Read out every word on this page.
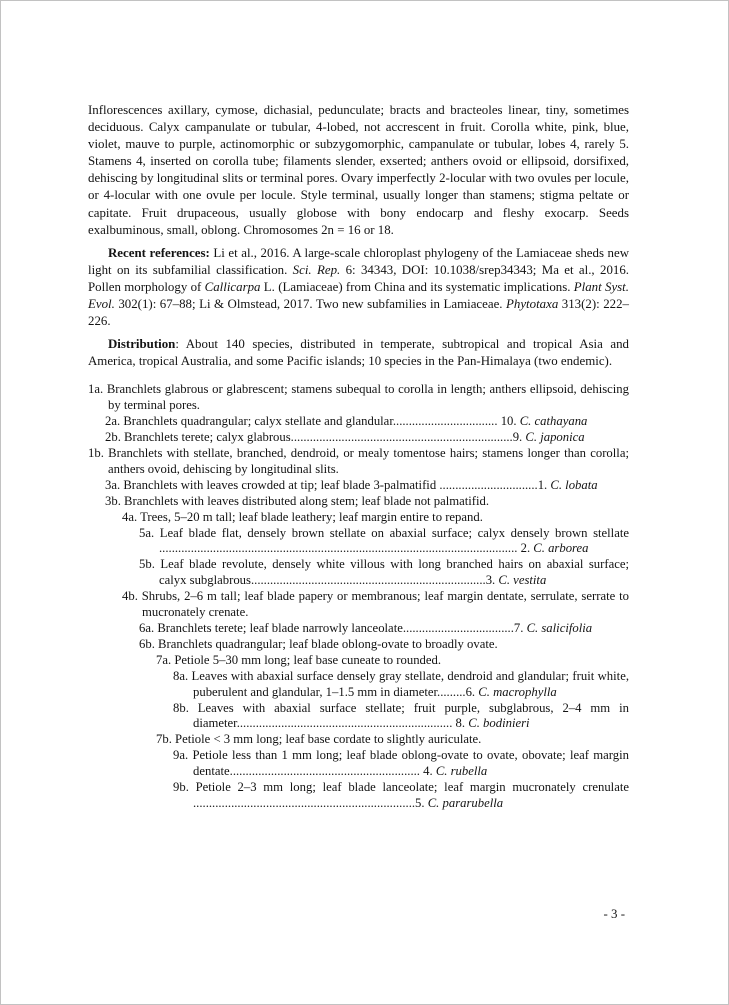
Inflorescences axillary, cymose, dichasial, pedunculate; bracts and bracteoles linear, tiny, sometimes deciduous. Calyx campanulate or tubular, 4-lobed, not accrescent in fruit. Corolla white, pink, blue, violet, mauve to purple, actinomorphic or subzygomorphic, campanulate or tubular, lobes 4, rarely 5. Stamens 4, inserted on corolla tube; filaments slender, exserted; anthers ovoid or ellipsoid, dorsifixed, dehiscing by longitudinal slits or terminal pores. Ovary imperfectly 2-locular with two ovules per locule, or 4-locular with one ovule per locule. Style terminal, usually longer than stamens; stigma peltate or capitate. Fruit drupaceous, usually globose with bony endocarp and fleshy exocarp. Seeds exalbuminous, small, oblong. Chromosomes 2n = 16 or 18.

Recent references: Li et al., 2016. A large-scale chloroplast phylogeny of the Lamiaceae sheds new light on its subfamilial classification. Sci. Rep. 6: 34343, DOI: 10.1038/srep34343; Ma et al., 2016. Pollen morphology of Callicarpa L. (Lamiaceae) from China and its systematic implications. Plant Syst. Evol. 302(1): 67–88; Li & Olmstead, 2017. Two new subfamilies in Lamiaceae. Phytotaxa 313(2): 222–226.

Distribution: About 140 species, distributed in temperate, subtropical and tropical Asia and America, tropical Australia, and some Pacific islands; 10 species in the Pan-Himalaya (two endemic).

1a. Branchlets glabrous or glabrescent; stamens subequal to corolla in length; anthers ellipsoid, dehiscing by terminal pores.

2a. Branchlets quadrangular; calyx stellate and glandular................................. 10. C. cathayana

2b. Branchlets terete; calyx glabrous......................................................................9. C. japonica

1b. Branchlets with stellate, branched, dendroid, or mealy tomentose hairs; stamens longer than corolla; anthers ovoid, dehiscing by longitudinal slits.

3a. Branchlets with leaves crowded at tip; leaf blade 3-palmatifid ...............................1. C. lobata

3b. Branchlets with leaves distributed along stem; leaf blade not palmatifid.

4a. Trees, 5–20 m tall; leaf blade leathery; leaf margin entire to repand.

5a. Leaf blade flat, densely brown stellate on abaxial surface; calyx densely brown stellate ................................................................................................................. 2. C. arborea

5b. Leaf blade revolute, densely white villous with long branched hairs on abaxial surface; calyx subglabrous..........................................................................3. C. vestita

4b. Shrubs, 2–6 m tall; leaf blade papery or membranous; leaf margin dentate, serrulate, serrate to mucronately crenate.

6a. Branchlets terete; leaf blade narrowly lanceolate...................................7. C. salicifolia

6b. Branchlets quadrangular; leaf blade oblong-ovate to broadly ovate.

7a. Petiole 5–30 mm long; leaf base cuneate to rounded.

8a. Leaves with abaxial surface densely gray stellate, dendroid and glandular; fruit white, puberulent and glandular, 1–1.5 mm in diameter.........6. C. macrophylla

8b. Leaves with abaxial surface stellate; fruit purple, subglabrous, 2–4 mm in diameter.................................................................... 8. C. bodinieri

7b. Petiole < 3 mm long; leaf base cordate to slightly auriculate.

9a. Petiole less than 1 mm long; leaf blade oblong-ovate to ovate, obovate; leaf margin dentate............................................................ 4. C. rubella

9b. Petiole 2–3 mm long; leaf blade lanceolate; leaf margin mucronately crenulate ......................................................................5. C. pararubella

- 3 -
